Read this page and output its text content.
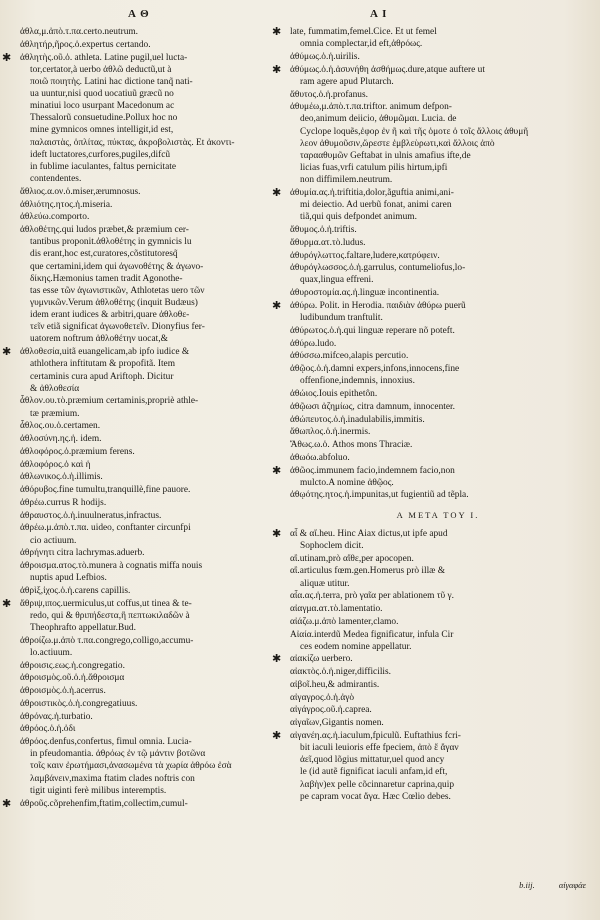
Α Θ	Α Ι
ἀθλα,μ.ἀπὸ.τ.πα.certo.neutrum.
ἀθλητήρ,ῆρος.ὁ.expertus certando.
✱ ἀθλητὴς.οῦ.ὁ. athleta. Latine pugil,uel lucta-
tor,certator,à uerbo ἀθλῶ deductũ,ut à
ποιῶ ποιητὴς. Latini hac dictione tanq̃ nati-
ua uuntur,nisi quod uocatiuũ græcũ no
minatiui loco usurpant Macedonum ac
Thessalorũ consuetudine.Pollux hoc no
mine gymnicos omnes intelligit,id est,
παλαιστὰς, ὁπλίτας, πύκτας, ἀκροβολιστὰς. Et ἀκοντι-
ideft luctatores,curfores,pugiles,difcũ
in fublime iaculantes, faltus pernicitate
contendentes.
ἄθλιος.α.ον.ὁ.miser,ærumnosus.
ἀθλιότης.ητος.ἡ.miseria.
ἀθλεύω.comporto.
ἀθλοθέτης.qui ludos præbet,& præmium cer-
tantibus proponit.ἀθλοθέτης in gymnicis lu
dis erant,hoc est,curatores,cõstitutoresq̃
que certamini,idem qui ἀγωνοθέτης & ἀγωνο-
δίκης.Hæmonius tamen tradit Agonothe-
tas esse τῶν ἀγωνιστικῶν, Athlotetas uero τῶν
γυμνικῶν.Verum ἀθλοθέτης (inquit Budæus)
idem erant iudices & arbitri,quare ἀθλοθε-
τεῖν etiã significat ἀγωνοθετεῖν. Dionyfius fer-
uatorem noftrum ἀθλοθέτην uocat,&
✱ ἀθλοθεσία,uitã euangelicam,ab ipfo iudice &
athlothera inftitutam & propofitã. Item
certaminis cura apud Ariftoph. Dicitur
& ἀθλοθεσία
ἆθλον.ου.τὸ.præmium certaminis,propriè athle-
tæ præmium.
ἆθλος.ου.ὁ.certamen.
ἀθλοσύνη.ης.ἡ. idem.
ἀθλοφόρος.ὁ.præmium ferens.
ἀθλοφόρος.ὁ καὶ ἡ
ἀθλωνικος.ὁ.ἡ.illimis.
ἀθόρυβος.fine tumultu,tranquillè,fine pauore.
ἀθρέω.currus R hodijs.
ἀθραυστος.ὁ.ἡ.inuulneratus,infractus.
ἀθρέω.μ.ἀπὸ.τ.πα. uideo, conftanter circunfpi
cio actiuum.
ἀθρήνητι citra lachrymas.aduerb.
ἀθροισμα.ατος.τὸ.munera à cognatis miffa nouis
nuptis apud Lefbios.
ἀθρὶξ,ἰχος.ὁ.ἡ.carens capillis.
✱ ἄθριψ,ιπος.uermiculus,ut coffus,ut tinea & te-
redo, qui & θριπήδεστα,ἢ πεπτωκιλαδῶν à
Theophrafto appellatur.Bud.
ἀθροίζω.μ.ἀπὸ τ.πα.congrego,colligo,accumu-
lo.actiuum.
ἀθροισις.εως.ἡ.congregatio.
ἀθροισμὸς.οῦ.ὁ.ἡ.ἄθροισμα
ἀθροισμὸς.ὁ.ἡ.acerrus.
ἀθροιστικὸς.ὁ.ἡ.congregatiuus.
ἀθρόνας.ἡ.turbatio.
ἀθρόος.ὁ.ἡ.ὀδι
ἀθρόος.denfus,confertus, fimul omnia. Lucia-
in pfeudomantia. ἀθρόως ἐν τῷ μάντιν βοτῶνα
τοῖς καιν ἐρωτήμασι,ἀνασωμένα τὰ χωρία ἀθρόω ἐσὰ
λαμβάνειν,maxima ftatim clades noftris con
tigit uiginti ferè milibus interemptis.
✱ ἀθροῦς.cõprehenfim,ftatim,collectim,cumul-
✱ late, fummatim,femel.Cice. Et ut femel
omnia complectar,id eft,ἀθρόως.
ἀθύμως.ὁ.ἡ.uirilis.
✱ ἀθύμως.ὁ.ἡ.ἀσυνήθη ἀσθήμως.dure,atque auftere ut
ram agere apud Plutarch.
ἄθυτος.ὁ.ἡ.profanus.
ἀθυμέω,μ.ἀπὸ.τ.πα.triftor. animum defpon-
deo,animum deiicio, ἀθυμῶμαι. Lucia. de
Cyclope loquẽs,ἐφορ ἐν ῆ καὶ τῆς ὁμοτε ὁ τοῖς ἄλλοις ἀθυμῆ
λεον ἀθυμοῦσιν,ὥρεστε ἐμβλεὺρωτι,καὶ ἄλλοις ἀπὸ
ταρααθυμῶν Geftabat in ulnis amafius ifte,de
licias fuas,vrfi catulum pilis hirtum,ipfi
non diffimilem.neutrum.
✱ ἀθυμία.ας.ἡ.triftitia,dolor,ãguftia animi,ani-
mi deiectio. Ad uerbũ fonat, animi caren
tiã,qui quis defpondet animum.
ἄθυμος.ὁ.ἡ.triftis.
ἄθυρμα.ατ.τὸ.ludus.
ἀθυρόγλωττος.faltare,ludere,κατρύφειν.
ἀθυρόγλωσσος.ὁ.ἡ.garrulus, contumeliofus,lo-
quax,lingua effreni.
ἀθυροστομία.ας.ἡ.linguæ incontinentia.
✱ ἀθύρω. Polit. in Herodia. παιδιὰν ἀθύρω puerũ
ludibundum tranftulit.
ἀθύρωτος.ὁ.ἡ.qui linguæ reperare nõ poteft.
ἀθύρω.ludo.
ἀθύσσω.mifceo,alapis percutio.
ἀθῷος.ὁ.ἡ.damni expers,infons,innocens,fine
offenfione,indemnis, innoxius.
ἀθώιος.Iouis epithetôn.
ἀθῷωσι ἀζημίως, citra damnum, innocenter.
ἀθώπευτος.ὁ.ἡ.inadulabilis,immitis.
ἄθωπλος.ὁ.ἡ.inermis.
Ἄθως.ω.ὁ. Athos mons Thraciæ.
ἀθωόω.abfoluo.
✱ ἀθῶος.immunem facio,indemnem facio,non
mulcto.A nomine ἀθῷος.
ἀθῳότης.ητος.ἡ.impunitas,ut fugientiũ ad tẽpla.
A META TOY I.
✱ αἶ & αἴ.heu. Hinc Aiax dictus,ut ipfe apud
Sophoclem dicit.
αἲ.utinam,prò αἴθε,per apocopen.
αἲ.articulus fœm.gen.Homerus prò illæ &
aliquæ utitur.
αἶα.ας.ἡ.terra, prò γαῖα per ablationem τῦ γ.
αἰαγμα.ατ.τὸ.lamentatio.
αἰάζω.μ.ἀπὸ lamenter,clamo.
Αἰαία.interdũ Medea fignificatur, infula Cir
ces eodem nomine appellatur.
✱ αἰακίζω uerbero.
αἰακτὸς.ὁ.ἡ.niger,difficilis.
αἰβοῖ.heu,& admirantis.
αἰγαγρος.ὁ.ἡ.ἀγὸ
αἰγάγρος.οῦ.ἡ.caprea.
αἰγαῖων,Gigantis nomen.
✱ αἰγανέη.ας.ἡ.iaculum,fpiculũ. Euftathius fcri-
bit iaculi leuioris effe fpeciem, ἀπὸ ἔ ἄγαν
ἀεῖ,quod lõgius mittatur,uel quod ancy
le (id autẽ fignificat iaculi anfam,id eft,
λαβὴν)ex pelle cõcinnaretur caprina,quip
pe capram vocat ἄγα. Hæc Cœlio debes.
b.iij.	αἰγαφάε
